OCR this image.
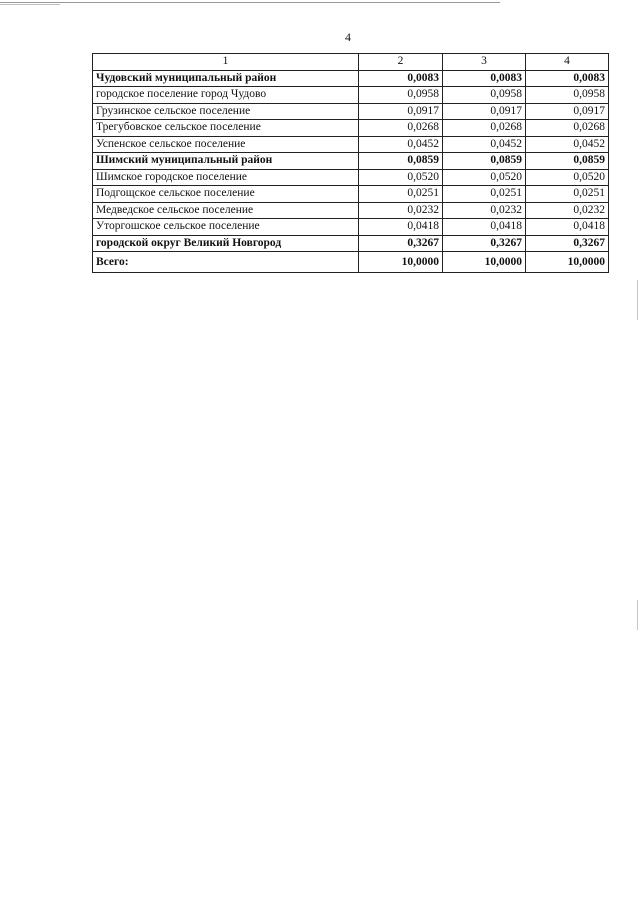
4
1	2	3	4
Чудовский муниципальный район	0,0083	0,0083	0,0083
городское поселение город Чудово	0,0958	0,0958	0,0958
Грузинское сельское поселение	0,0917	0,0917	0,0917
Трегубовское сельское поселение	0,0268	0,0268	0,0268
Успенское сельское поселение	0,0452	0,0452	0,0452
Шимский муниципальный район	0,0859	0,0859	0,0859
Шимское городское поселение	0,0520	0,0520	0,0520
Подгощское сельское поселение	0,0251	0,0251	0,0251
Медведское сельское поселение	0,0232	0,0232	0,0232
Уторгошское сельское поселение	0,0418	0,0418	0,0418
городской округ Великий Новгород	0,3267	0,3267	0,3267
Всего:	10,0000	10,0000	10,0000
